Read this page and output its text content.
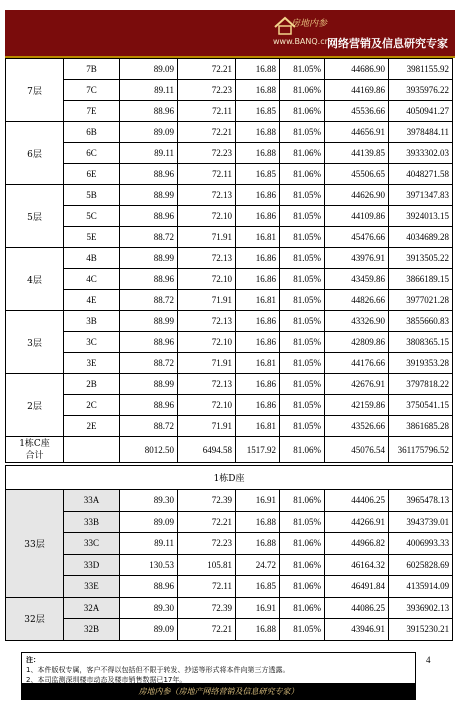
房地内参
www.BANQ.cn
网络营销及信息研究专家
7层	7B	89.09	72.21	16.88	81.05%	44686.90	3981155.92
	7C	89.11	72.23	16.88	81.06%	44169.86	3935976.22
	7E	88.96	72.11	16.85	81.06%	45536.66	4050941.27
6层	6B	89.09	72.21	16.88	81.05%	44656.91	3978484.11
	6C	89.11	72.23	16.88	81.06%	44139.85	3933302.03
	6E	88.96	72.11	16.85	81.06%	45506.65	4048271.58
5层	5B	88.99	72.13	16.86	81.05%	44626.90	3971347.83
	5C	88.96	72.10	16.86	81.05%	44109.86	3924013.15
	5E	88.72	71.91	16.81	81.05%	45476.66	4034689.28
4层	4B	88.99	72.13	16.86	81.05%	43976.91	3913505.22
	4C	88.96	72.10	16.86	81.05%	43459.86	3866189.15
	4E	88.72	71.91	16.81	81.05%	44826.66	3977021.28
3层	3B	88.99	72.13	16.86	81.05%	43326.90	3855660.83
	3C	88.96	72.10	16.86	81.05%	42809.86	3808365.15
	3E	88.72	71.91	16.81	81.05%	44176.66	3919353.28
2层	2B	88.99	72.13	16.86	81.05%	42676.91	3797818.22
	2C	88.96	72.10	16.86	81.05%	42159.86	3750541.15
	2E	88.72	71.91	16.81	81.05%	43526.66	3861685.28

1栋C座
合计		8012.50	6494.58	1517.92	81.06%	45076.54	361175796.52
1栋D座							
33层	33A	89.30	72.39	16.91	81.06%	44406.25	3965478.13
	33B	89.09	72.21	16.88	81.05%	44266.91	3943739.01
	33C	89.11	72.23	16.88	81.06%	44966.82	4006993.33
	33D	130.53	105.81	24.72	81.06%	46164.32	6025828.69
	33E	88.96	72.11	16.85	81.06%	46491.84	4135914.09
32层	32A	89.30	72.39	16.91	81.06%	44086.25	3936902.13
	32B	89.09	72.21	16.88	81.05%	43946.91	3915230.21
注：
1、本件版权专属，客户不得以包括但不限于转发、抄送等形式将本件向第三方透露。
2、本司监测深圳楼市动态及楼市销售数据已17年。
4
房地内参（房地产网络营销及信息研究专家）
